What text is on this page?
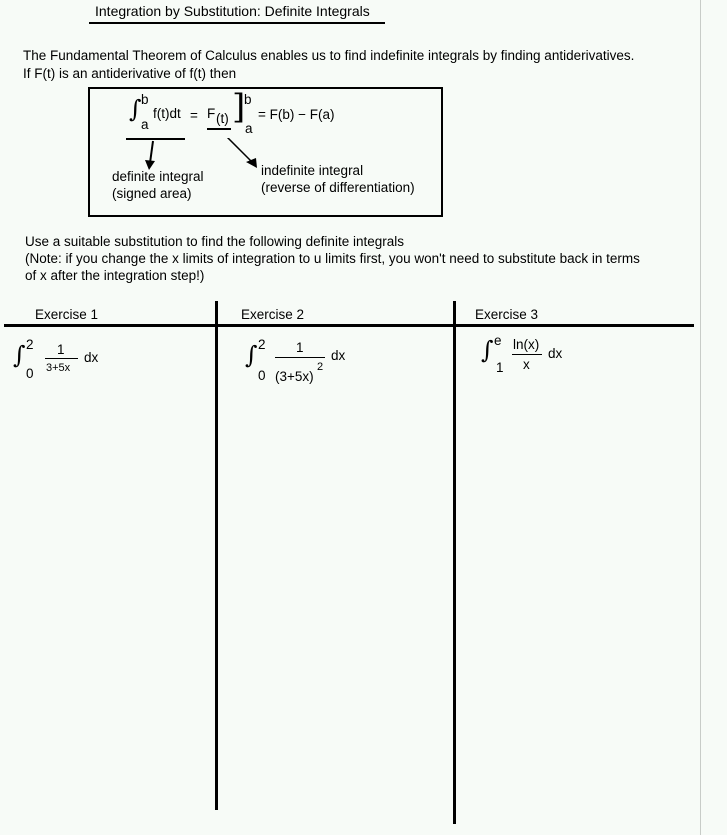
Integration by Substitution: Definite Integrals
The Fundamental Theorem of Calculus enables us to find indefinite integrals by finding antiderivatives.
If F(t) is an antiderivative of f(t) then
∫ b
a
f(t)dt = F (t) ]
b
a
= F(b) − F(a)
definite integral
(signed area)
indefinite integral
(reverse of differentiation)
Use a suitable substitution to find the following definite integrals
(Note: if you change the x limits of integration to u limits first, you won't need to substitute back in terms
of x after the integration step!)
Exercise 1	Exercise 2	Exercise 3
∫ 2
0
1
3+5x
dx	∫ 2
0
1
(3+5x)
2
dx	∫ e
1
ln(x)
x
dx
